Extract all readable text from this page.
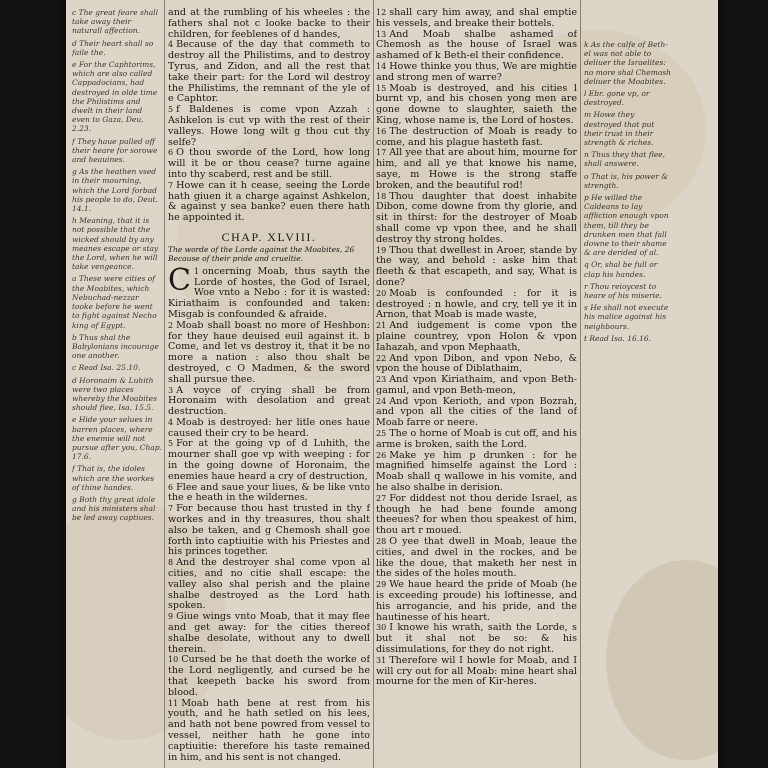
c The great feare shall take away their naturall affection.

d Their heart shall so faile the.

e For the Caphtorims, which are also called Cappadocians, had destroyed in olde time the Philistims and dwelt in their land even to Gaza, Deu. 2.23.

f They haue pulled off their heare for sorowe and heauines.

g As the heathen vsed in their mourning, which the Lord forbad his people to do, Deut. 14.1.

h Meaning, that it is not possible that the wicked should by any meanes escape or stay the Lord, when he will take vengeance.

a These were cities of the Moabites, which Nebuchad-nezzar tooke before he went to fight against Necho king of Egypt.

b Thus shal the Babylonians incourage one another.

c Read Isa. 25.10.

d Horonaim & Luhith were two places whereby the Moabites should flee, Isa. 15.5.

e Hide your selues in barren places, where the enemie will not pursue after you, Chap. 17.6.

f That is, the idoles which are the workes of thine handes.

g Both thy great idole and his ministers shal be led away captiues.

and at the rumbling of his wheeles : the fathers shal not c looke backe to their children, for feeblenes of d handes,

4 Because of the day that commeth to destroy all the Philistims, and to destroy Tyrus, and Zidon, and all the rest that take their part: for the Lord wil destroy the Philistims, the remnant of the yle of e Caphtor.

5 f Baldenes is come vpon Azzah : Ashkelon is cut vp with the rest of their valleys. Howe long wilt g thou cut thy selfe?

6 O thou sworde of the Lord, how long will it be or thou cease? turne againe into thy scaberd, rest and be still.

7 Howe can it h cease, seeing the Lorde hath giuen it a charge against Ashkelon, & against y sea banke? euen there hath he appointed it.

CHAP. XLVIII.
The worde of the Lorde against the Moabites, 26 Because of their pride and crueltie.

C 1 oncerning Moab, thus sayth the Lorde of hostes, the God of Israel, Woe vnto a Nebo : for it is wasted: Kiriathaim is confounded and taken: Misgab is confounded & afraide.

2 Moab shall boast no more of Heshbon: for they haue deuised euil against it. b Come, and let vs destroy it, that it be no more a nation : also thou shalt be destroyed, c O Madmen, & the sword shall pursue thee.

3 A voyce of crying shall be from Horonaim with desolation and great destruction.

4 Moab is destroyed: her litle ones haue caused their cry to be heard.

5 For at the going vp of d Luhith, the mourner shall goe vp with weeping : for in the going downe of Horonaim, the enemies haue heard a cry of destruction,

6 Flee and saue your liues, & be like vnto the e heath in the wildernes.

7 For because thou hast trusted in thy f workes and in thy treasures, thou shalt also be taken, and g Chemosh shall goe forth into captiuitie with his Priestes and his princes together.

8 And the destroyer shal come vpon al cities, and no citie shall escape: the valley also shal perish and the plaine shalbe destroyed as the Lord hath spoken.

9 Giue wings vnto Moab, that it may flee and get away: for the cities thereof shalbe desolate, without any to dwell therein.

10 Cursed be he that doeth the worke of the Lord negligently, and cursed be he that keepeth backe his sword from blood.

11 Moab hath bene at rest from his youth, and he hath setled on his lees, and hath not bene powred from vessel to vessel, neither hath he gone into captiuitie: therefore his taste remained in him, and his sent is not changed.

12 shall cary him away, and shal emptie his vessels, and breake their bottels.

13 And Moab shalbe ashamed of Chemosh as the house of Israel was ashamed of k Beth-el their confidence.

14 Howe thinke you thus, We are mightie and strong men of warre?

15 Moab is destroyed, and his cities l burnt vp, and his chosen yong men are gone downe to slaughter, saieth the King, whose name is, the Lord of hostes.

16 The destruction of Moab is ready to come, and his plague hasteth fast.

17 All yee that are about him, mourne for him, and all ye that knowe his name, saye, m Howe is the strong staffe broken, and the beautiful rod!

18 Thou daughter that doest inhabite Dibon, come downe from thy glorie, and sit in thirst: for the destroyer of Moab shall come vp vpon thee, and he shall destroy thy strong holdes.

19 Thou that dwellest in Aroer, stande by the way, and behold : aske him that fleeth & that escapeth, and say, What is done?

20 Moab is confounded : for it is destroyed : n howle, and cry, tell ye it in Arnon, that Moab is made waste,

21 And iudgement is come vpon the plaine countrey, vpon Holon & vpon Iahazah, and vpon Mephaath,

22 And vpon Dibon, and vpon Nebo, & vpon the house of Diblathaim,

23 And vpon Kiriathaim, and vpon Beth-gamul, and vpon Beth-meon,

24 And vpon Kerioth, and vpon Bozrah, and vpon all the cities of the land of Moab farre or neere.

25 The o horne of Moab is cut off, and his arme is broken, saith the Lord.

26 Make ye him p drunken : for he magnified himselfe against the Lord : Moab shall q wallowe in his vomite, and he also shalbe in derision.

27 For diddest not thou deride Israel, as though he had bene founde among theeues? for when thou speakest of him, thou art r moued.

28 O yee that dwell in Moab, leaue the cities, and dwel in the rockes, and be like the doue, that maketh her nest in the sides of the holes mouth.

29 We haue heard the pride of Moab (he is exceeding proude) his loftinesse, and his arrogancie, and his pride, and the hautinesse of his heart.

30 I knowe his wrath, saith the Lorde, s but it shal not be so: & his dissimulations, for they do not right.

31 Therefore wil I howle for Moab, and I will cry out for all Moab: mine heart shal mourne for the men of Kir-heres.

k As the calfe of Beth-el was not able to deliuer the Israelites: no more shal Chemosh deliuer the Moabites.

l Ebr. gone vp, or destroyed.

m Howe they destroyed that put their trust in their strength & riches.

n Thus they that flee, shall answere.

o That is, his power & strength.

p He willed the Caldeans to lay affliction enough vpon them, till they be drunken men that fall downe to their shame & are derided of al.

q Or, shal be full or clap his handes.

r Thou reioycest to heare of his miserie.

s He shall not execute his malice against his neighbours.

t Read Isa. 16.16.
